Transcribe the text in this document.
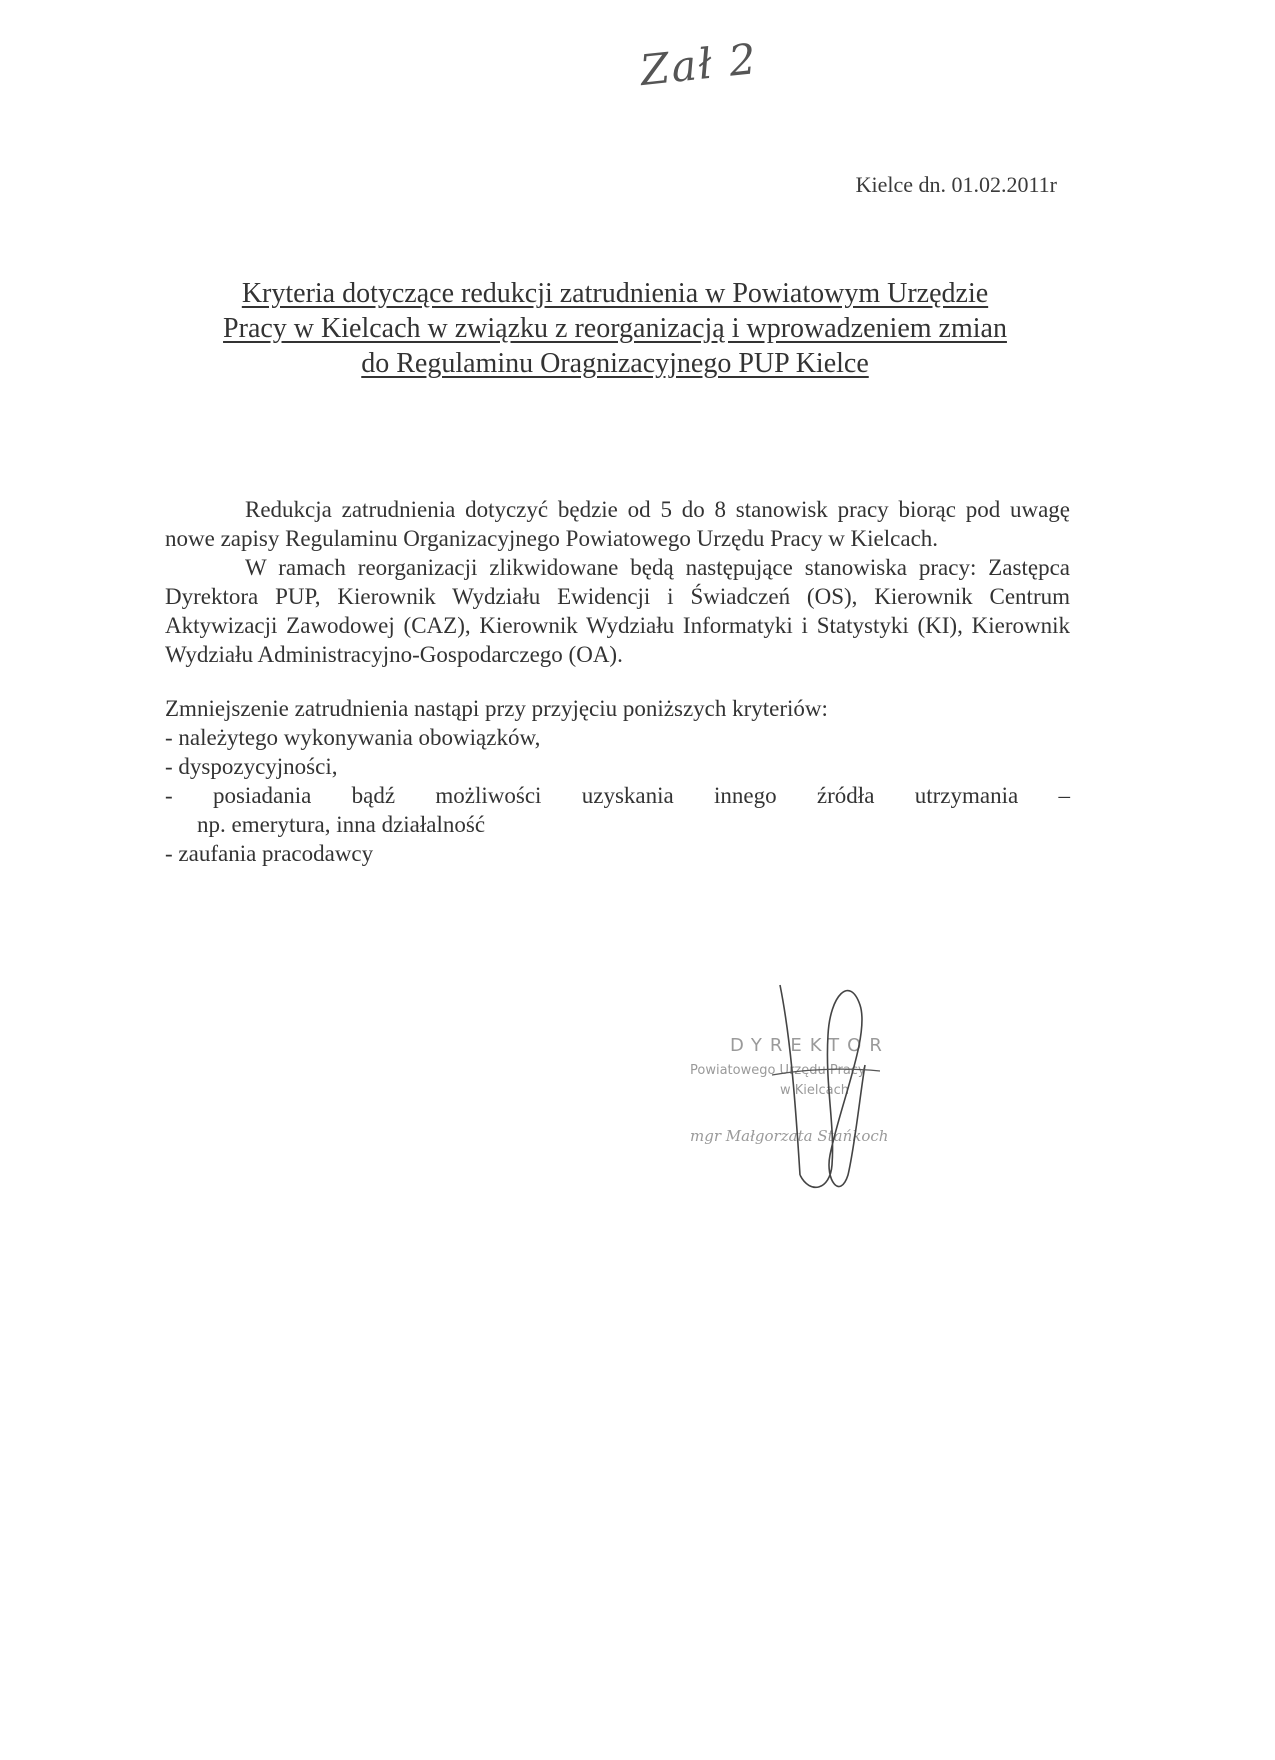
Zał 2
Kielce dn. 01.02.2011r
Kryteria dotyczące redukcji zatrudnienia w Powiatowym Urzędzie
Pracy w Kielcach w związku z reorganizacją i wprowadzeniem zmian
do Regulaminu Oragnizacyjnego PUP Kielce

Redukcja zatrudnienia dotyczyć będzie od 5 do 8 stanowisk pracy biorąc pod uwagę nowe zapisy Regulaminu Organizacyjnego Powiatowego Urzędu Pracy w Kielcach.

W ramach reorganizacji zlikwidowane będą następujące stanowiska pracy: Zastępca Dyrektora PUP, Kierownik Wydziału Ewidencji i Świadczeń (OS), Kierownik Centrum Aktywizacji Zawodowej (CAZ), Kierownik Wydziału Informatyki i Statystyki (KI), Kierownik Wydziału Administracyjno-Gospodarczego (OA).

Zmniejszenie zatrudnienia nastąpi przy przyjęciu poniższych kryteriów:

- należytego wykonywania obowiązków,
- dyspozycyjności,
- posiadania bądź możliwości uzyskania innego źródła utrzymania –
np. emerytura, inna działalność
- zaufania pracodawcy
DYREKTOR
Powiatowego Urzędu Pracy
w Kielcach
mgr Małgorzata Stańkoch
